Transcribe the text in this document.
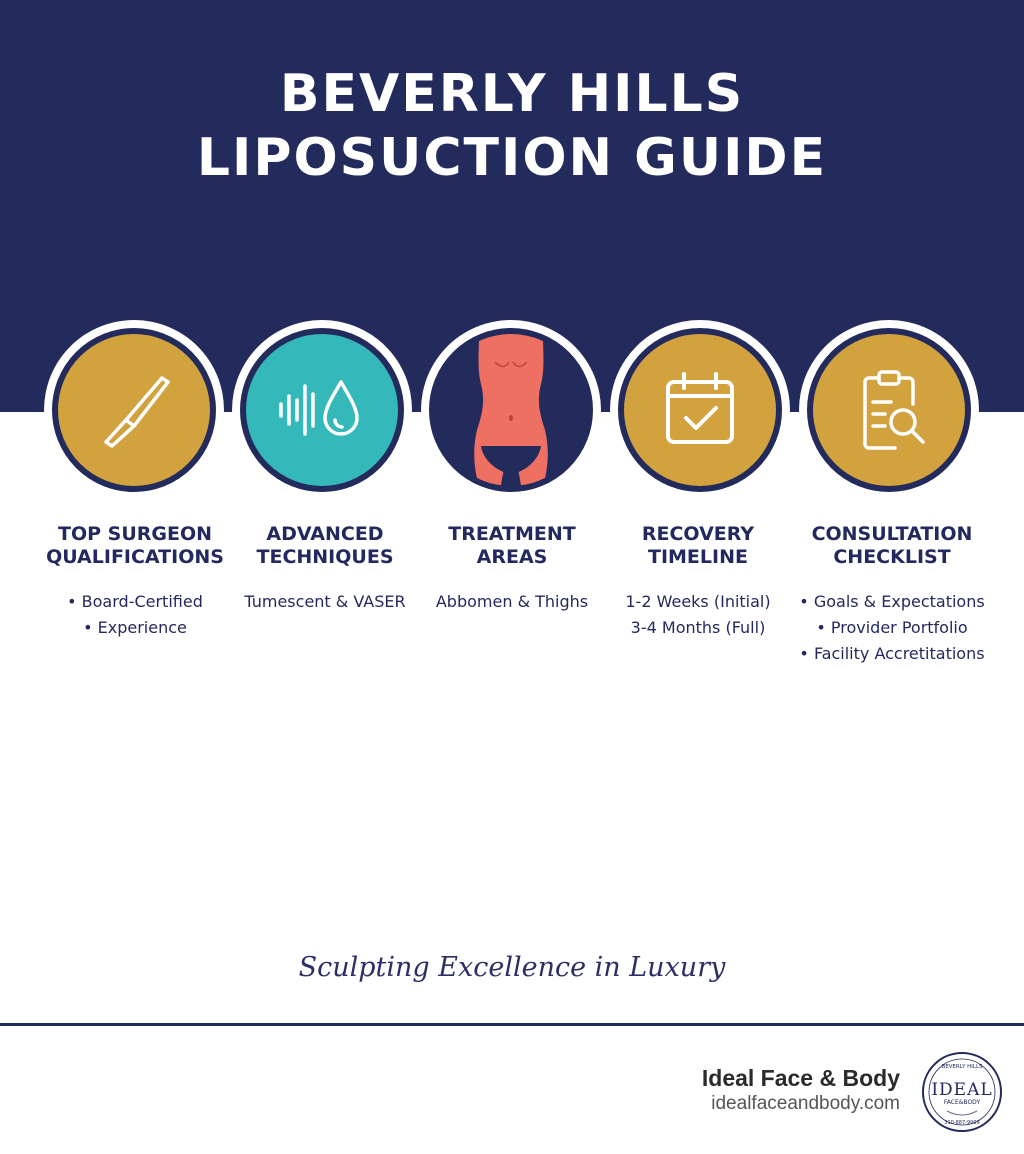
BEVERLY HILLS
LIPOSUCTION GUIDE
TOP SURGEON
QUALIFICATIONS
• Board-Certified
• Experience
ADVANCED
TECHNIQUES
Tumescent & VASER
TREATMENT
AREAS
Abbomen & Thighs
RECOVERY
TIMELINE
1-2 Weeks (Initial)
3-4 Months (Full)
CONSULTATION
CHECKLIST
• Goals & Expectations
• Provider Portfolio
• Facility Accretitations
Sculpting Excellence in Luxury
Ideal Face & Body
idealfaceandbody.com
BEVERLY HILLS
IDEAL
FACE&BODY
310-887-9999
